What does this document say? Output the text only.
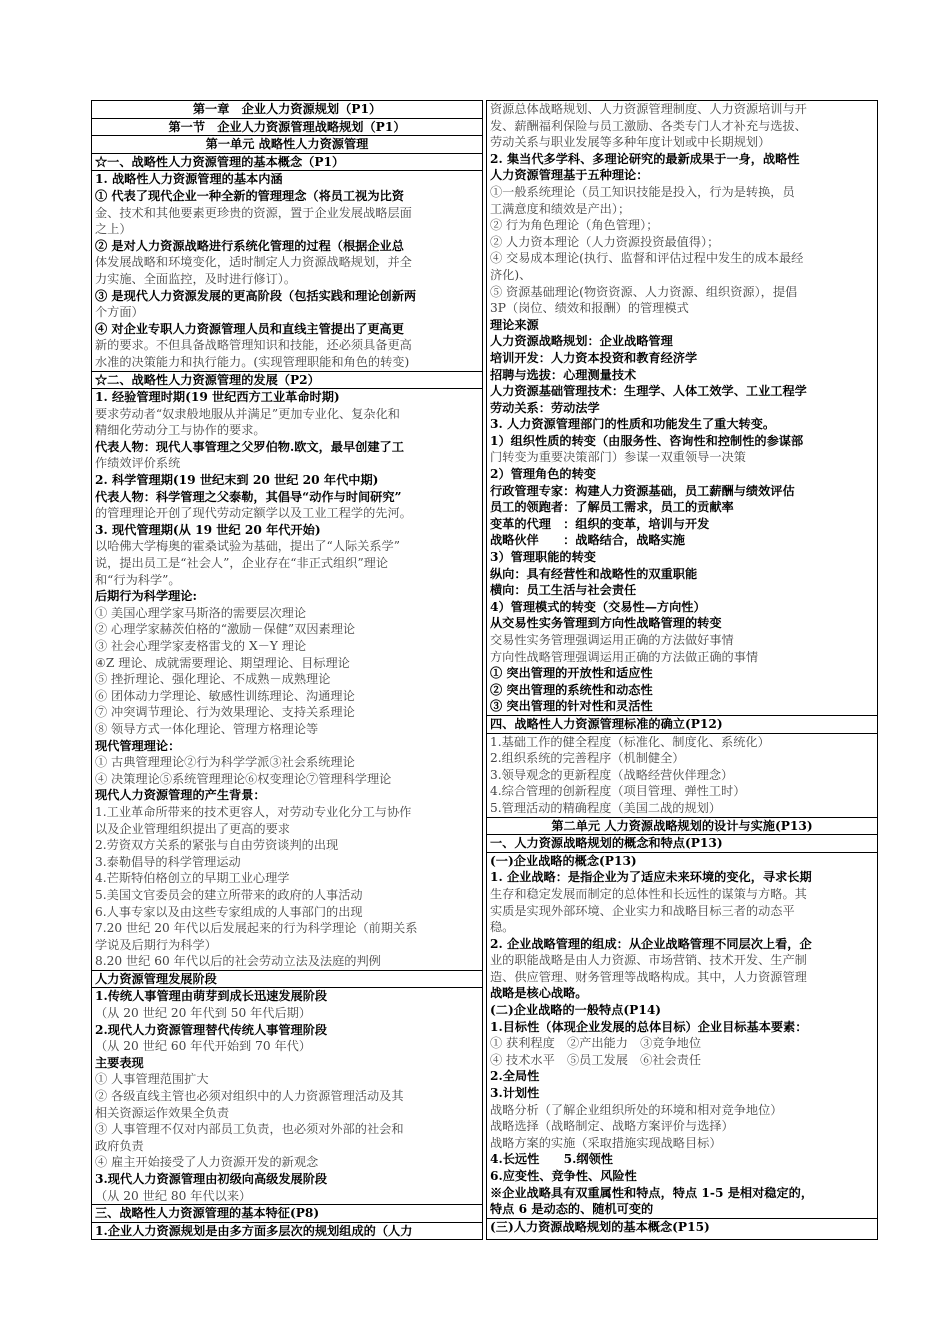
第一章　企业人力资源规划（P1）
第一节　企业人力资源管理战略规划（P1）
第一单元 战略性人力资源管理
☆一、战略性人力资源管理的基本概念（P1）
1. 战略性人力资源管理的基本内涵
① 代表了现代企业一种全新的管理理念（将员工视为比资
金、技术和其他要素更珍贵的资源，置于企业发展战略层面
之上）
② 是对人力资源战略进行系统化管理的过程（根据企业总
体发展战略和环境变化，适时制定人力资源战略规划，并全
力实施、全面监控，及时进行修订）。
③ 是现代人力资源发展的更高阶段（包括实践和理论创新两
个方面）
④ 对企业专职人力资源管理人员和直线主管提出了更高更
新的要求。不但具备战略管理知识和技能，还必须具备更高
水准的决策能力和执行能力。(实现管理职能和角色的转变)
☆二、战略性人力资源管理的发展（P2）
1. 经验管理时期(19 世纪西方工业革命时期)
要求劳动者“奴隶般地服从并满足”更加专业化、复杂化和
精细化劳动分工与协作的要求。
代表人物：现代人事管理之父罗伯物.欧文，最早创建了工
作绩效评价系统
2. 科学管理期(19 世纪末到 20 世纪 20 年代中期)
代表人物：科学管理之父泰勒，其倡导“动作与时间研究”
的管理理论开创了现代劳动定额学以及工业工程学的先河。
3. 现代管理期(从 19 世纪 20 年代开始)
以哈佛大学梅奥的霍桑试验为基础，提出了“人际关系学”
说，提出员工是“社会人”，企业存在“非正式组织”理论
和“行为科学”。
后期行为科学理论:
① 美国心理学家马斯洛的需要层次理论
② 心理学家赫茨伯格的“激励－保健”双因素理论
③ 社会心理学家麦格雷戈的 X－Y 理论
④Z 理论、成就需要理论、期望理论、目标理论
⑤ 挫折理论、强化理论、不成熟－成熟理论
⑥ 团体动力学理论、敏感性训练理论、沟通理论
⑦ 冲突调节理论、行为效果理论、支持关系理论
⑧ 领导方式一体化理论、管理方格理论等
现代管理理论：
① 古典管理理论②行为科学学派③社会系统理论
④ 决策理论⑤系统管理理论⑥权变理论⑦管理科学理论
现代人力资源管理的产生背景：
1.工业革命所带来的技术更容人，对劳动专业化分工与协作
以及企业管理组织提出了更高的要求
2.劳资双方关系的紧张与自由劳资谈判的出现
3.泰勒倡导的科学管理运动
4.芒斯特伯格创立的早期工业心理学
5.美国文官委员会的建立所带来的政府的人事活动
6.人事专家以及由这些专家组成的人事部门的出现
7.20 世纪 20 年代以后发展起来的行为科学理论（前期关系
学说及后期行为科学）
8.20 世纪 60 年代以后的社会劳动立法及法庭的判例
人力资源管理发展阶段
1.传统人事管理由萌芽到成长迅速发展阶段
（从 20 世纪 20 年代到 50 年代后期）
2.现代人力资源管理替代传统人事管理阶段
（从 20 世纪 60 年代开始到 70 年代）
主要表现
① 人事管理范围扩大
② 各级直线主管也必须对组织中的人力资源管理活动及其
相关资源运作效果全负责
③ 人事管理不仅对内部员工负责，也必须对外部的社会和
政府负责
④ 雇主开始接受了人力资源开发的新观念
3.现代人力资源管理由初级向高级发展阶段
（从 20 世纪 80 年代以来）
三、战略性人力资源管理的基本特征(P8)
1.企业人力资源规划是由多方面多层次的规划组成的（人力
资源总体战略规划、人力资源管理制度、人力资源培训与开
发、薪酬福利保险与员工激励、各类专门人才补充与选拔、
劳动关系与职业发展等多种年度计划或中长期规划）
2. 集当代多学科、多理论研究的最新成果于一身，战略性
人力资源管理基于五种理论：
①一般系统理论（员工知识技能是投入，行为是转换，员
工满意度和绩效是产出）；
② 行为角色理论（角色管理）；
② 人力资本理论（人力资源投资最值得）；
④ 交易成本理论(执行、监督和评估过程中发生的成本最经
济化)、
⑤ 资源基础理论(物资资源、人力资源、组织资源），提倡
3P（岗位、绩效和报酬）的管理模式
理论来源
人力资源战略规划：企业战略管理
培训开发：人力资本投资和教育经济学
招聘与选拔：心理测量技术
人力资源基础管理技术：生理学、人体工效学、工业工程学
劳动关系：劳动法学
3. 人力资源管理部门的性质和功能发生了重大转变。
1）组织性质的转变（由服务性、咨询性和控制性的参谋部
门转变为重要决策部门）参谋一双重领导一决策
2）管理角色的转变
行政管理专家：构建人力资源基础，员工薪酬与绩效评估
员工的领跑者：了解员工需求，员工的贡献率
变革的代理　：组织的变革，培训与开发
战略伙伴　　：战略结合，战略实施
3）管理职能的转变
纵向：具有经营性和战略性的双重职能
横向：员工生活与社会责任
4）管理模式的转变（交易性—方向性）
从交易性实务管理到方向性战略管理的转变
交易性实务管理强调运用正确的方法做好事情
方向性战略管理强调运用正确的方法做正确的事情
① 突出管理的开放性和适应性
② 突出管理的系统性和动态性
③ 突出管理的针对性和灵活性
四、战略性人力资源管理标准的确立(P12)
1.基础工作的健全程度（标准化、制度化、系统化）
2.组织系统的完善程序（机制健全）
3.领导观念的更新程度（战略经营伙伴理念）
4.综合管理的创新程度（项目管理、弹性工时）
5.管理活动的精确程度（美国二战的规划）
第二单元 人力资源战略规划的设计与实施(P13)
一、人力资源战略规划的概念和特点(P13)
(一)企业战略的概念(P13)
1. 企业战略：是指企业为了适应未来环境的变化，寻求长期
生存和稳定发展而制定的总体性和长远性的谋策与方略。其
实质是实现外部环境、企业实力和战略目标三者的动态平
稳。
2. 企业战略管理的组成：从企业战略管理不同层次上看，企
业的职能战略是由人力资源、市场营销、技术开发、生产制
造、供应管理、财务管理等战略构成。其中，人力资源管理
战略是核心战略。
(二)企业战略的一般特点(P14)
1.目标性（体现企业发展的总体目标）企业目标基本要素：
① 获利程度　②产出能力　③竞争地位
④ 技术水平　⑤员工发展　⑥社会责任
2.全局性
3.计划性
战略分析（了解企业组织所处的环境和相对竞争地位）
战略选择（战略制定、战略方案评价与选择）
战略方案的实施（采取措施实现战略目标）
4.长远性　　5.纲领性
6.应变性、竞争性、风险性
※企业战略具有双重属性和特点，特点 1-5 是相对稳定的，
特点 6 是动态的、随机可变的
(三)人力资源战略规划的基本概念(P15)
